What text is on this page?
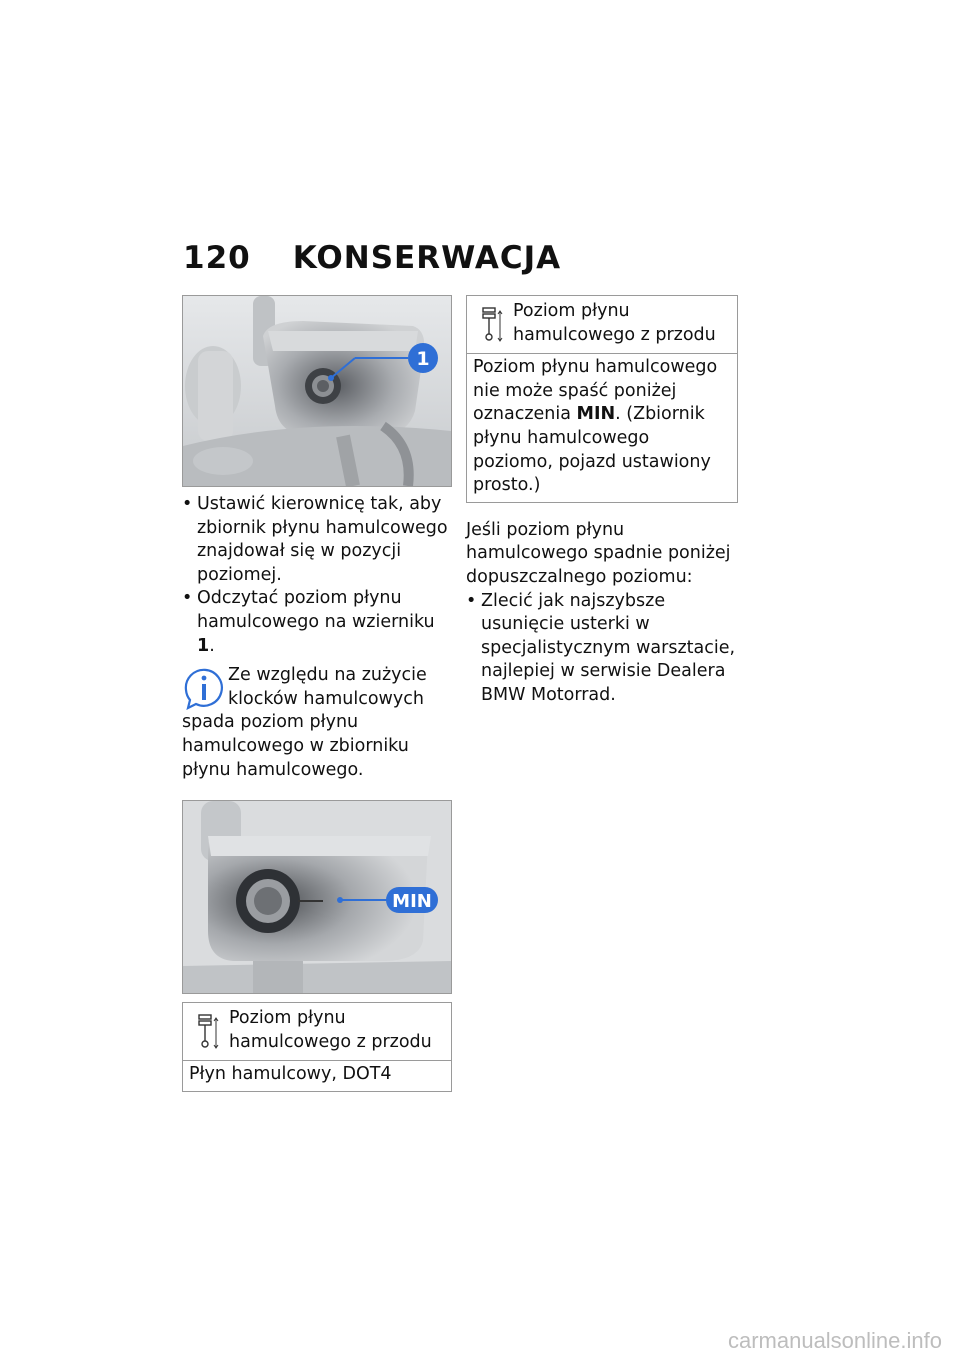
120 KONSERWACJA
1
• Ustawić kierownicę tak, aby zbiornik płynu hamulcowego znajdował się w pozycji poziomej.
• Odczytać poziom płynu hamulcowego na wzierniku 1.

Ze względu na zużycie klocków hamulcowych spada poziom płynu hamulcowego w zbiorniku płynu hamulcowego.

MIN
Poziom płynu hamulcowego z przodu
Płyn hamulcowy, DOT4
Poziom płynu hamulcowego z przodu
Poziom płynu hamulcowego nie może spaść poniżej oznaczenia MIN. (Zbiornik płynu hamulcowego poziomo, pojazd ustawiony prosto.)

Jeśli poziom płynu hamulcowego spadnie poniżej dopuszczalnego poziomu:

• Zlecić jak najszybsze usunięcie usterki w specjalistycznym warsztacie, najlepiej w serwisie Dealera BMW Motorrad.
carmanualsonline.info
